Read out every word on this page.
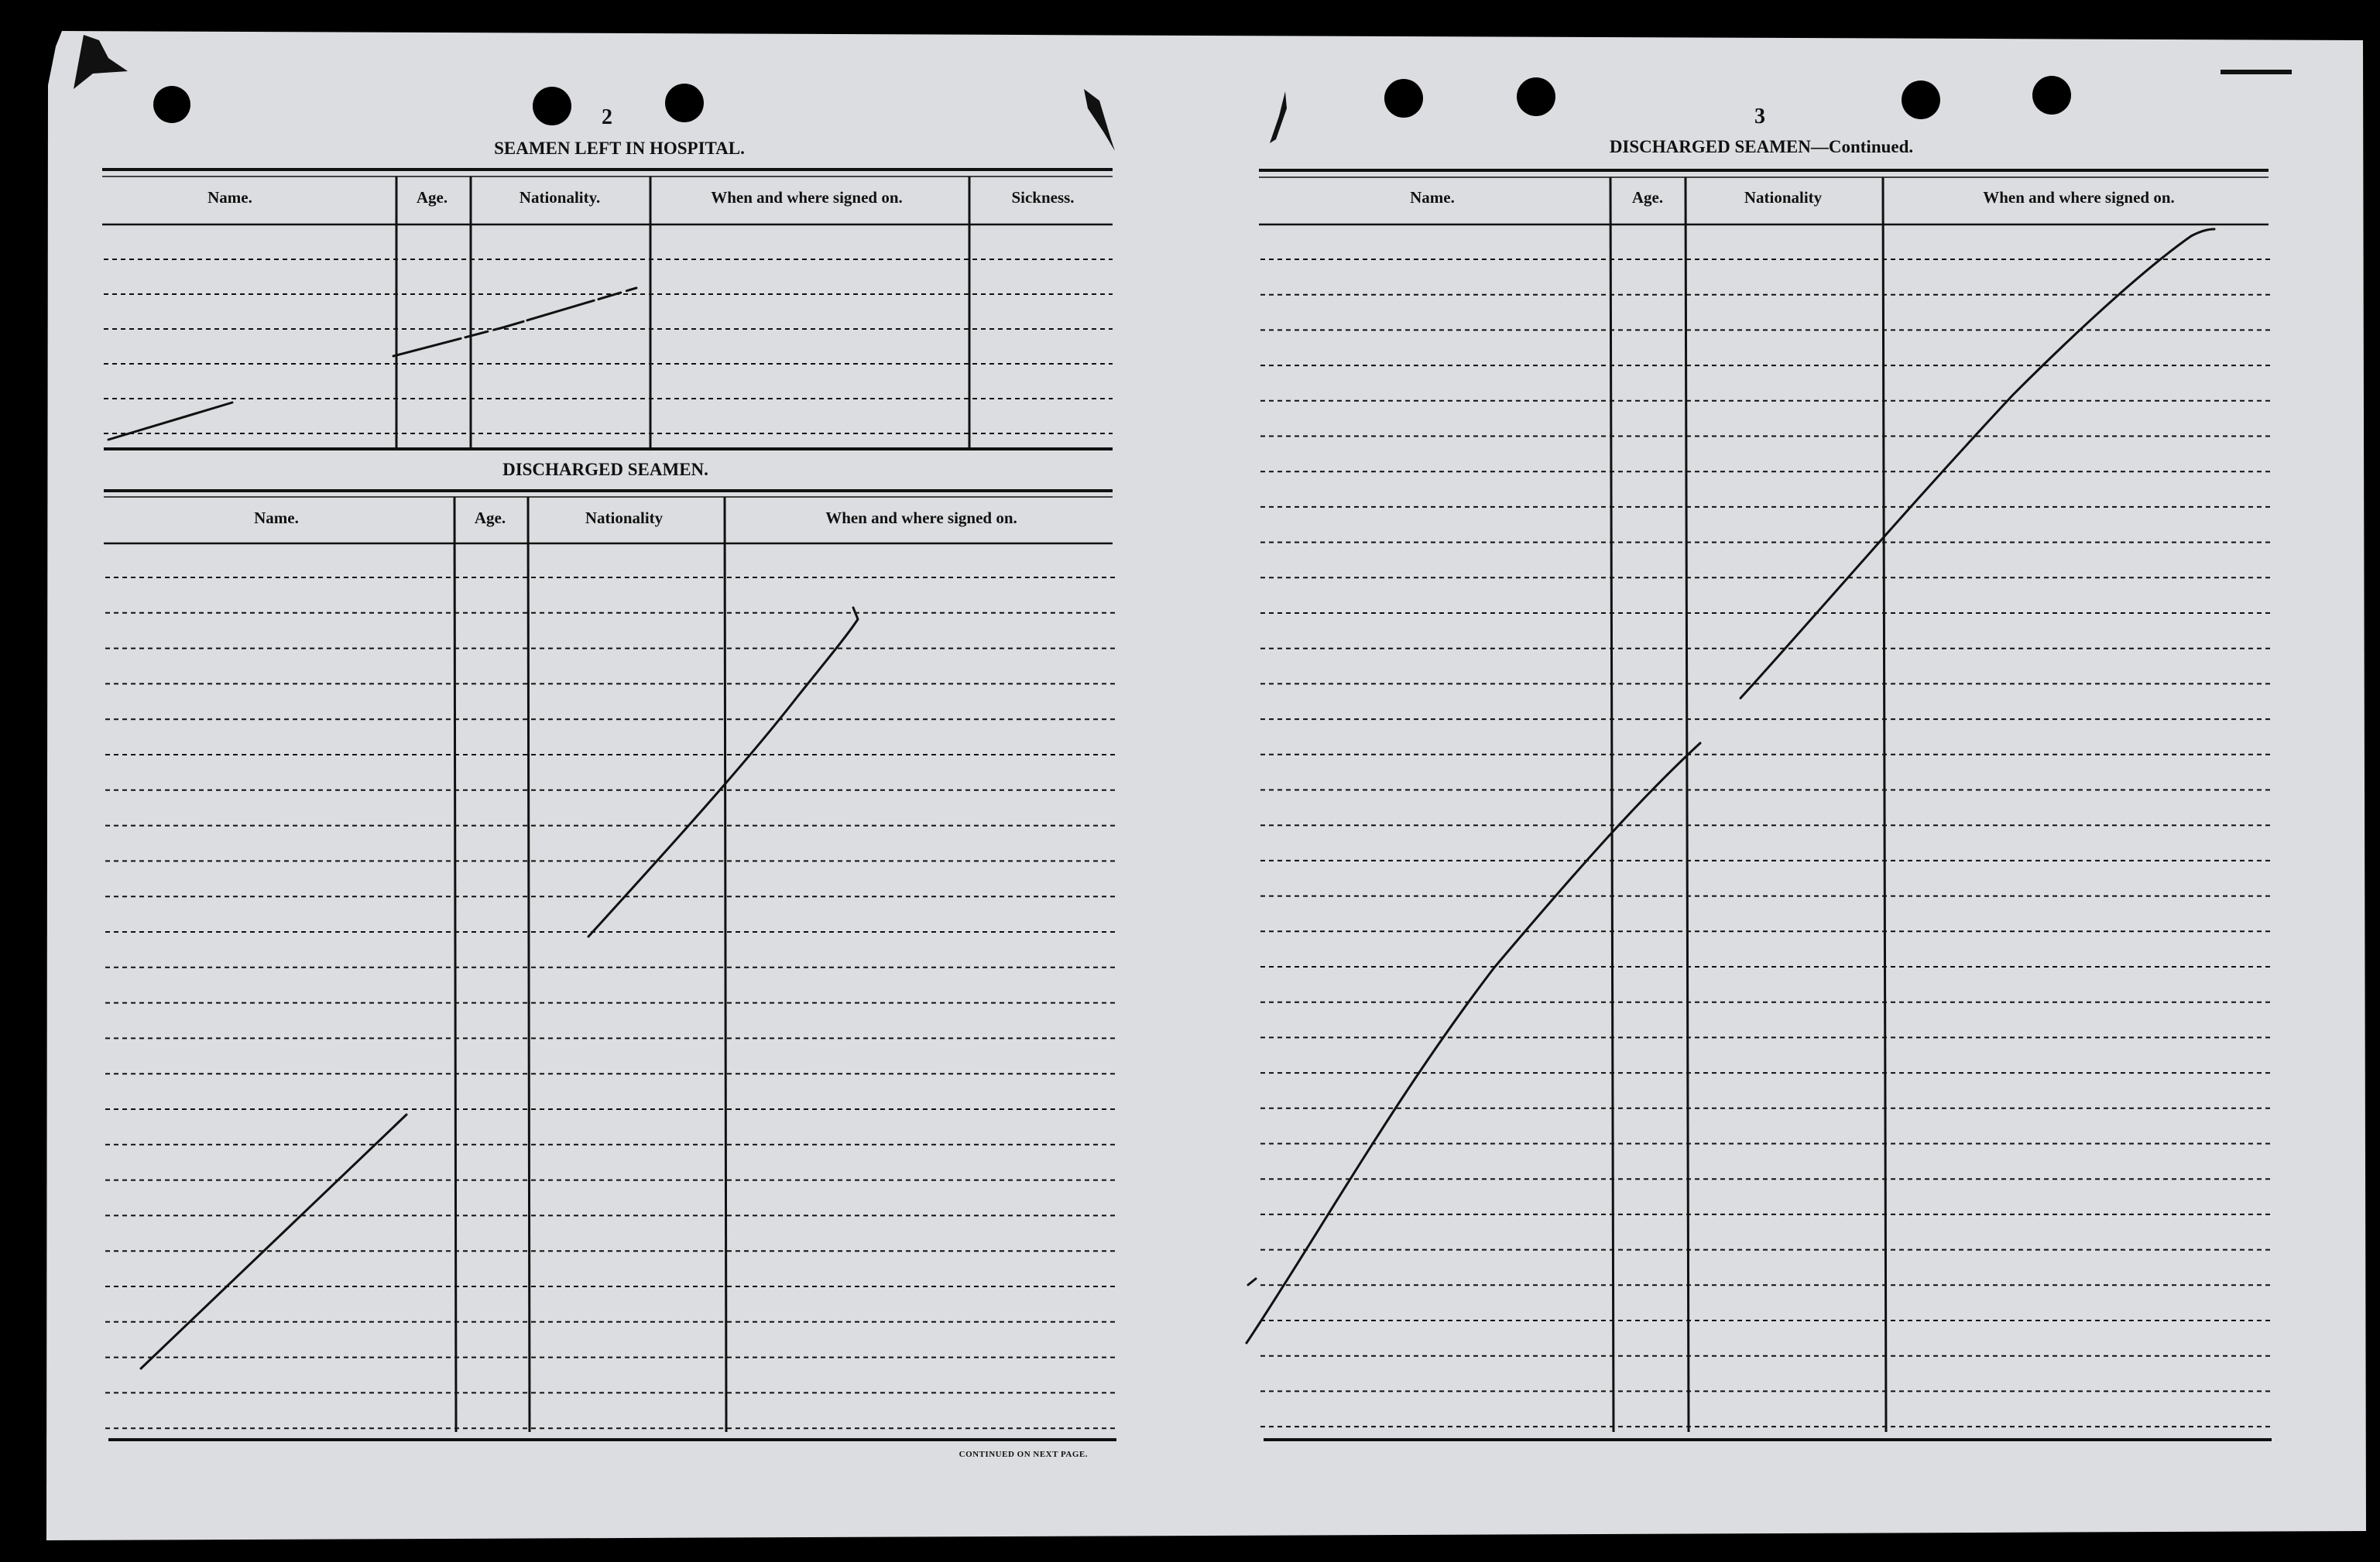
2
SEAMEN LEFT IN HOSPITAL.
Name.	Age.	Nationality.	When and where signed on.	Sickness.
DISCHARGED SEAMEN.
Name.	Age.	Nationality	When and where signed on.
CONTINUED ON NEXT PAGE.
3
DISCHARGED SEAMEN—Continued.
Name.	Age.	Nationality	When and where signed on.
